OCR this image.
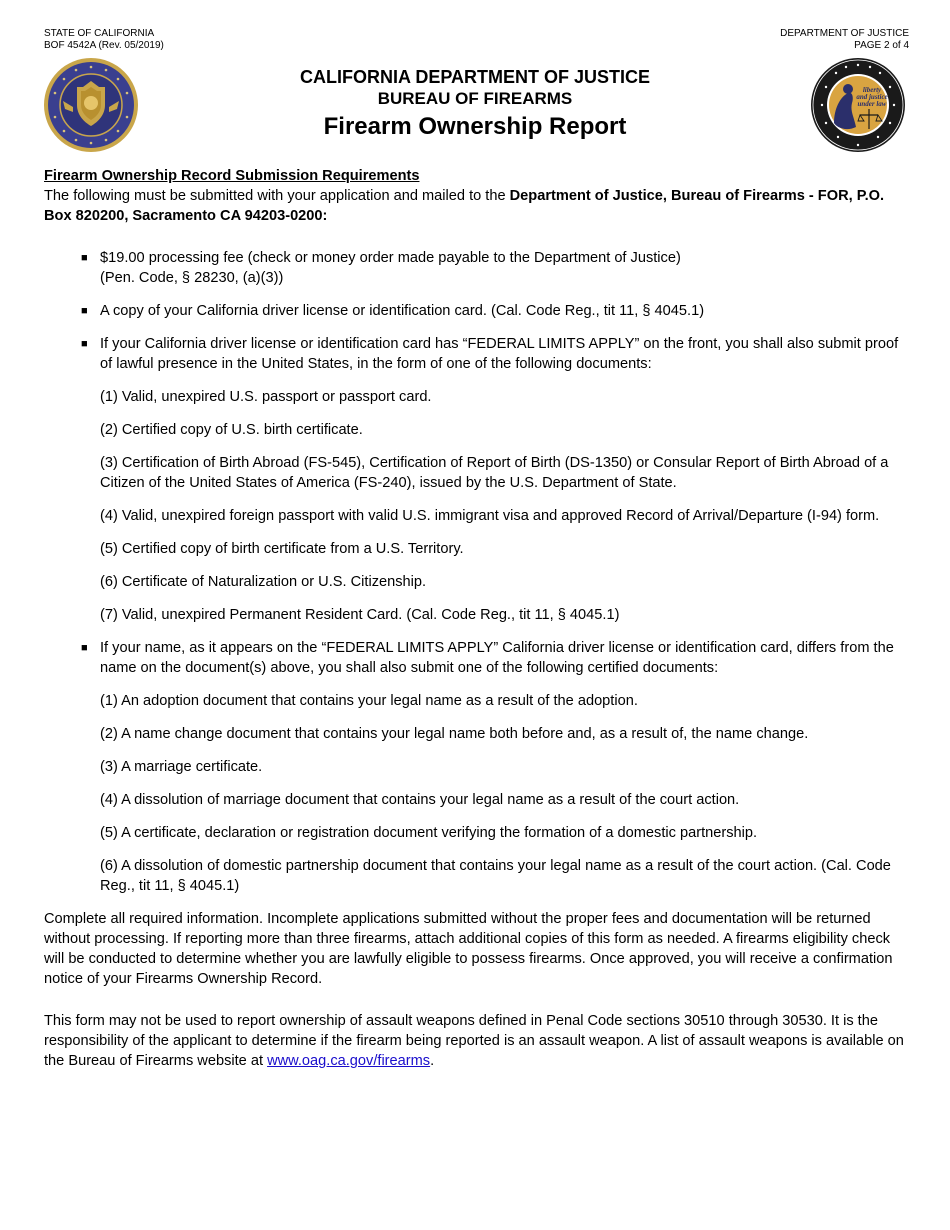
STATE OF CALIFORNIA
BOF 4542A (Rev. 05/2019)
DEPARTMENT OF JUSTICE
PAGE 2 of 4
CALIFORNIA DEPARTMENT OF JUSTICE
BUREAU OF FIREARMS
Firearm Ownership Report
liberty
and justice
under law
Firearm Ownership Record Submission Requirements

The following must be submitted with your application and mailed to the Department of Justice, Bureau of Firearms - FOR, P.O. Box 820200, Sacramento CA 94203-0200:

■ $19.00 processing fee (check or money order made payable to the Department of Justice)
(Pen. Code, § 28230, (a)(3))
■ A copy of your California driver license or identification card. (Cal. Code Reg., tit 11, § 4045.1)
■ If your California driver license or identification card has “FEDERAL LIMITS APPLY” on the front, you shall also submit proof of lawful presence in the United States, in the form of one of the following documents:
(1) Valid, unexpired U.S. passport or passport card.
(2) Certified copy of U.S. birth certificate.
(3) Certification of Birth Abroad (FS-545), Certification of Report of Birth (DS-1350) or Consular Report of Birth Abroad of a Citizen of the United States of America (FS-240), issued by the U.S. Department of State.
(4) Valid, unexpired foreign passport with valid U.S. immigrant visa and approved Record of Arrival/Departure (I-94) form.
(5) Certified copy of birth certificate from a U.S. Territory.
(6) Certificate of Naturalization or U.S. Citizenship.
(7) Valid, unexpired Permanent Resident Card. (Cal. Code Reg., tit 11, § 4045.1)
■ If your name, as it appears on the “FEDERAL LIMITS APPLY” California driver license or identification card, differs from the name on the document(s) above, you shall also submit one of the following certified documents:
(1) An adoption document that contains your legal name as a result of the adoption.
(2) A name change document that contains your legal name both before and, as a result of, the name change.
(3) A marriage certificate.
(4) A dissolution of marriage document that contains your legal name as a result of the court action.
(5) A certificate, declaration or registration document verifying the formation of a domestic partnership.
(6) A dissolution of domestic partnership document that contains your legal name as a result of the court action. (Cal. Code Reg., tit 11, § 4045.1)

Complete all required information. Incomplete applications submitted without the proper fees and documentation will be returned without processing. If reporting more than three firearms, attach additional copies of this form as needed. A firearms eligibility check will be conducted to determine whether you are lawfully eligible to possess firearms. Once approved, you will receive a confirmation notice of your Firearms Ownership Record.

This form may not be used to report ownership of assault weapons defined in Penal Code sections 30510 through 30530. It is the responsibility of the applicant to determine if the firearm being reported is an assault weapon. A list of assault weapons is available on the Bureau of Firearms website at www.oag.ca.gov/firearms.
